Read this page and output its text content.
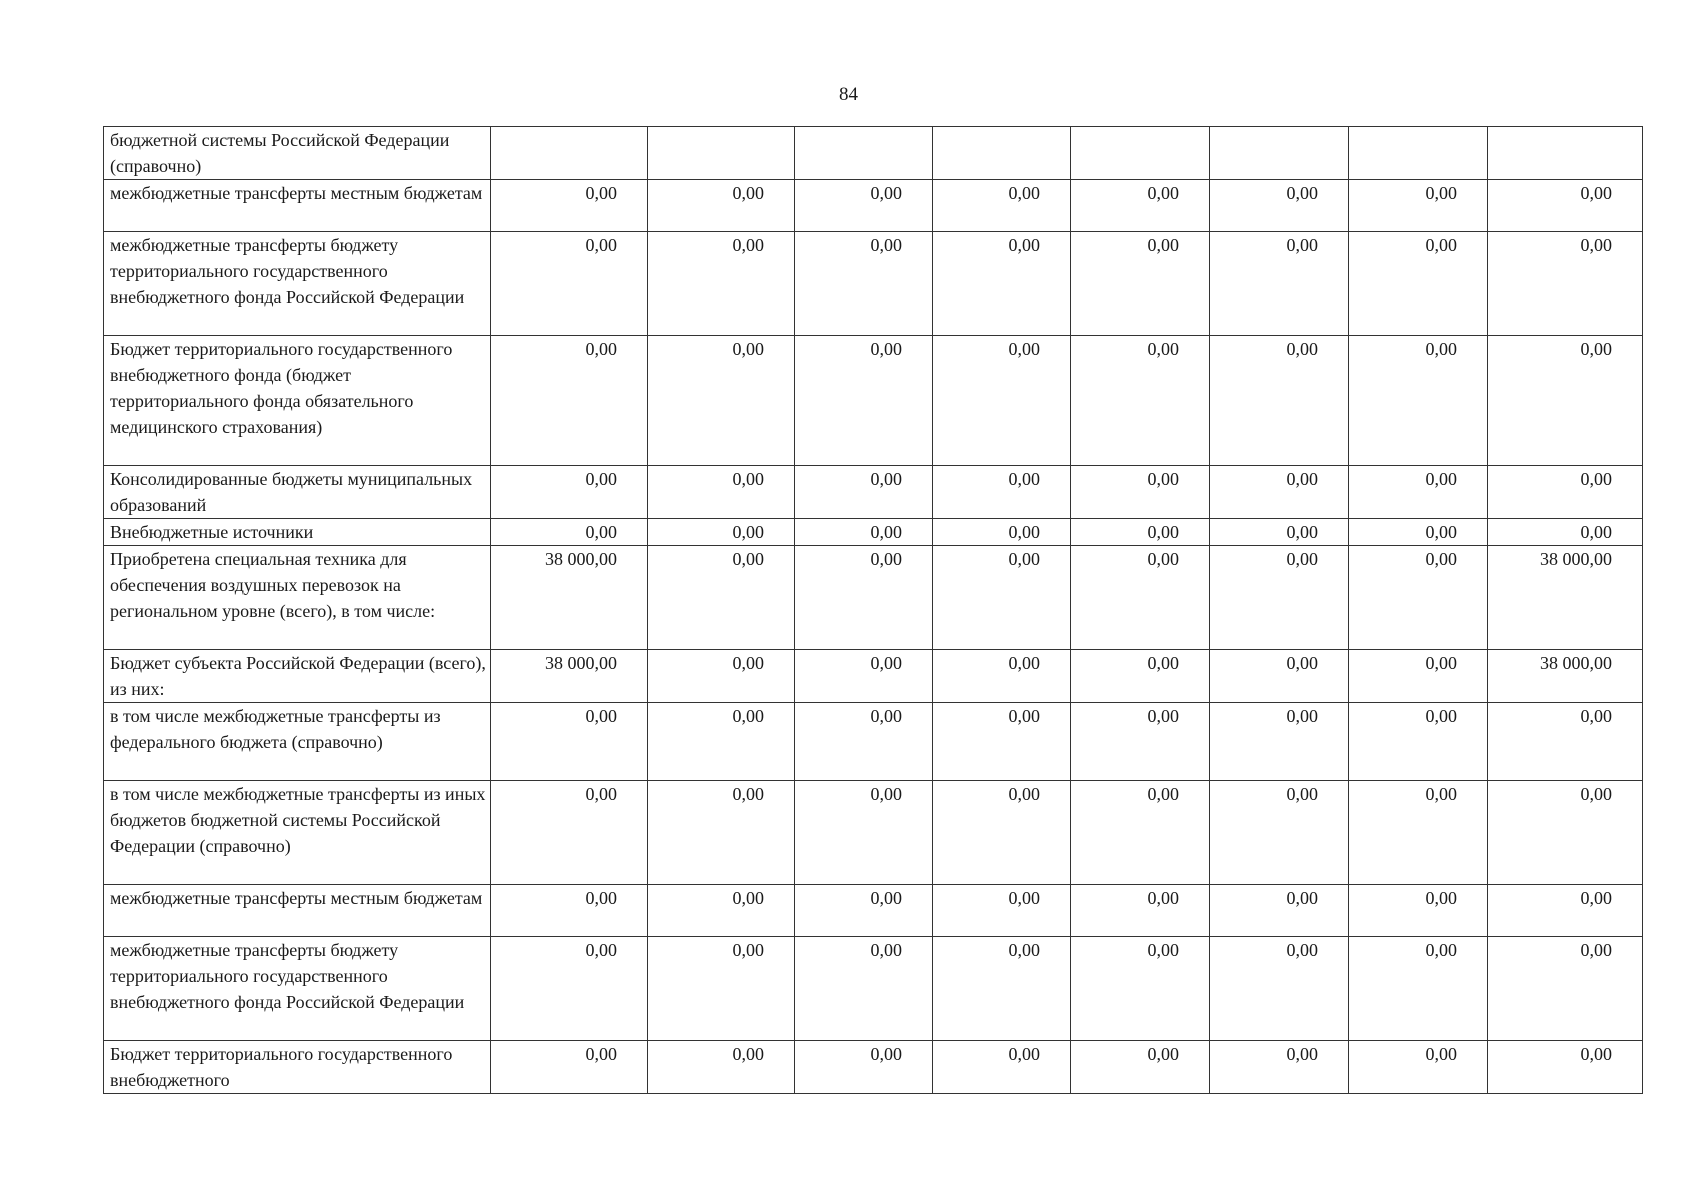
84
бюджетной системы Российской Федерации (справочно)								
межбюджетные трансферты местным бюджетам	0,00	0,00	0,00	0,00	0,00	0,00	0,00	0,00
межбюджетные трансферты бюджету территориального государственного внебюджетного фонда Российской Федерации	0,00	0,00	0,00	0,00	0,00	0,00	0,00	0,00
Бюджет территориального государственного внебюджетного фонда (бюджет территориального фонда обязательного медицинского страхования)	0,00	0,00	0,00	0,00	0,00	0,00	0,00	0,00
Консолидированные бюджеты муниципальных образований	0,00	0,00	0,00	0,00	0,00	0,00	0,00	0,00
Внебюджетные источники	0,00	0,00	0,00	0,00	0,00	0,00	0,00	0,00
Приобретена специальная техника для обеспечения воздушных перевозок на региональном уровне (всего), в том числе:	38 000,00	0,00	0,00	0,00	0,00	0,00	0,00	38 000,00
Бюджет субъекта Российской Федерации (всего), из них:	38 000,00	0,00	0,00	0,00	0,00	0,00	0,00	38 000,00
в том числе межбюджетные трансферты из федерального бюджета (справочно)	0,00	0,00	0,00	0,00	0,00	0,00	0,00	0,00
в том числе межбюджетные трансферты из иных бюджетов бюджетной системы Российской Федерации (справочно)	0,00	0,00	0,00	0,00	0,00	0,00	0,00	0,00
межбюджетные трансферты местным бюджетам	0,00	0,00	0,00	0,00	0,00	0,00	0,00	0,00
межбюджетные трансферты бюджету территориального государственного внебюджетного фонда Российской Федерации	0,00	0,00	0,00	0,00	0,00	0,00	0,00	0,00
Бюджет территориального государственного внебюджетного	0,00	0,00	0,00	0,00	0,00	0,00	0,00	0,00
